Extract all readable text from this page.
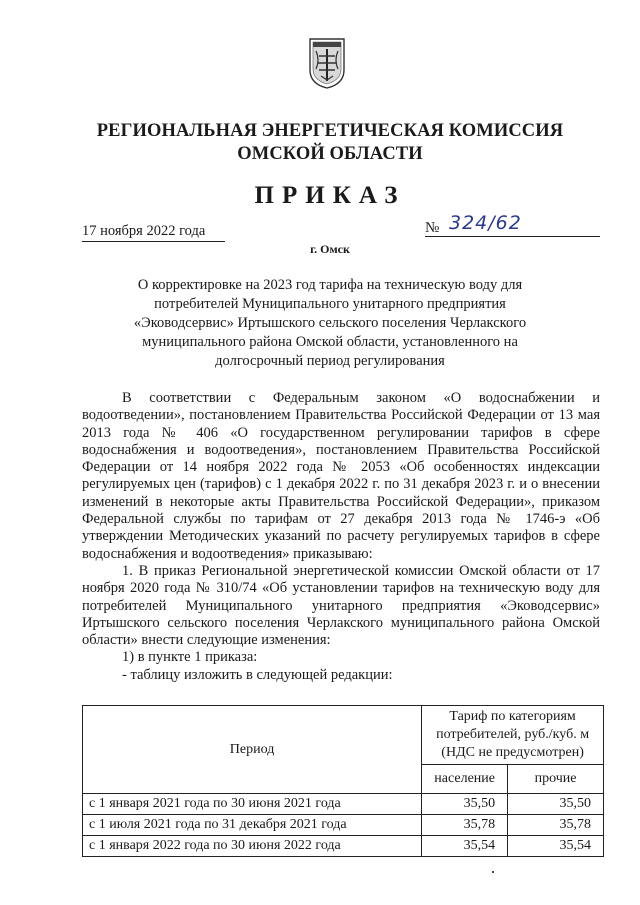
РЕГИОНАЛЬНАЯ ЭНЕРГЕТИЧЕСКАЯ КОМИССИЯ
ОМСКОЙ ОБЛАСТИ
ПРИКАЗ
17 ноября 2022 года	№ 324/62
г. Омск
О корректировке на 2023 год тарифа на техническую воду для потребителей Муниципального унитарного предприятия «Эководсервис» Иртышского сельского поселения Черлакского муниципального района Омской области, установленного на долгосрочный период регулирования

В соответствии с Федеральным законом «О водоснабжении и водоотведении», постановлением Правительства Российской Федерации от 13 мая 2013 года № 406 «О государственном регулировании тарифов в сфере водоснабжения и водоотведения», постановлением Правительства Российской Федерации от 14 ноября 2022 года № 2053 «Об особенностях индексации регулируемых цен (тарифов) с 1 декабря 2022 г. по 31 декабря 2023 г. и о внесении изменений в некоторые акты Правительства Российской Федерации», приказом Федеральной службы по тарифам от 27 декабря 2013 года № 1746-э «Об утверждении Методических указаний по расчету регулируемых тарифов в сфере водоснабжения и водоотведения» приказываю:

1. В приказ Региональной энергетической комиссии Омской области от 17 ноября 2020 года № 310/74 «Об установлении тарифов на техническую воду для потребителей Муниципального унитарного предприятия «Эководсервис» Иртышского сельского поселения Черлакского муниципального района Омской области» внести следующие изменения:

1) в пункте 1 приказа:

- таблицу изложить в следующей редакции:

Период	Тариф по категориям потребителей, руб./куб. м (НДС не предусмотрен)	
	население	прочие
с 1 января 2021 года по 30 июня 2021 года	35,50	35,50
с 1 июля 2021 года по 31 декабря 2021 года	35,78	35,78
с 1 января 2022 года по 30 июня 2022 года	35,54	35,54
